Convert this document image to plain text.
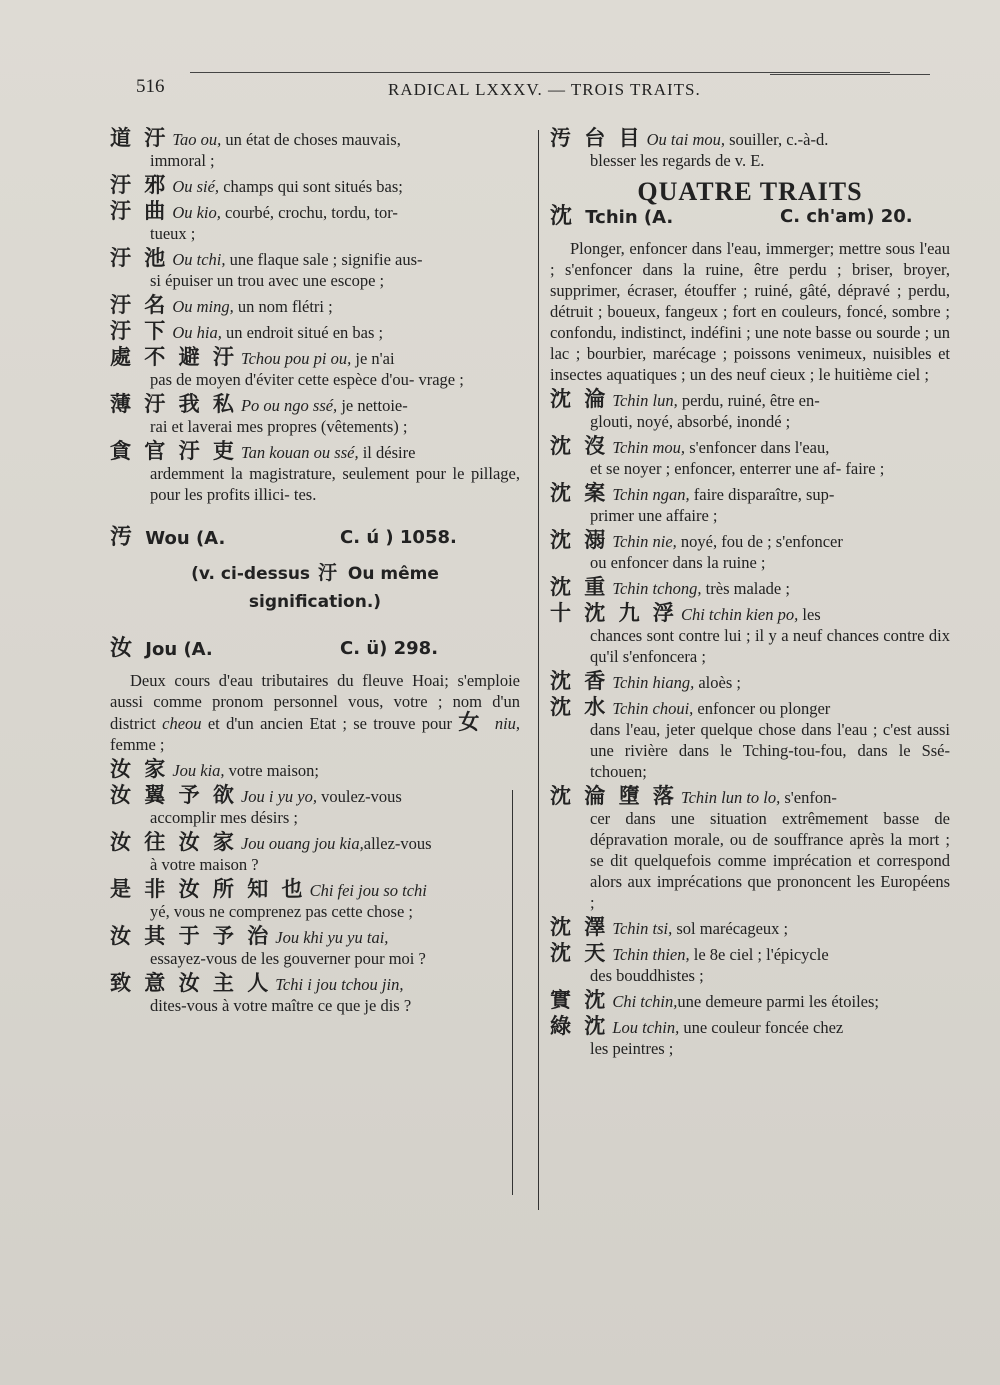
516	RADICAL LXXXV. — TROIS TRAITS.
道 汙 Tao ou, un état de choses mauvais,
immoral ;
汙 邪 Ou sié, champs qui sont situés bas;
汙 曲 Ou kio, courbé, crochu, tordu, tor-
tueux ;
汙 池 Ou tchi, une flaque sale ; signifie aus-
si épuiser un trou avec une escope ;
汙 名 Ou ming, un nom flétri ;
汙 下 Ou hia, un endroit situé en bas ;
處 不 避 汙 Tchou pou pi ou, je n'ai
pas de moyen d'éviter cette espèce d'ou- vrage ;
薄 汙 我 私 Po ou ngo ssé, je nettoie-
rai et laverai mes propres (vêtements) ;
貪 官 汙 吏 Tan kouan ou ssé, il désire
ardemment la magistrature, seulement pour le pillage, pour les profits illici- tes.
汚 Wou (A.	C. ú ) 1058.
(v. ci-dessus 汙 Ou même
signification.)
汝 Jou (A.	C. ü) 298.
Deux cours d'eau tributaires du fleuve Hoai; s'emploie aussi comme pronom personnel vous, votre ; nom d'un district cheou et d'un ancien Etat ; se trouve pour 女 niu, femme ;
汝 家 Jou kia, votre maison;
汝 翼 予 欲 Jou i yu yo, voulez-vous
accomplir mes désirs ;
汝 往 汝 家 Jou ouang jou kia,allez-vous
à votre maison ?
是 非 汝 所 知 也 Chi fei jou so tchi
yé, vous ne comprenez pas cette chose ;
汝 其 于 予 治 Jou khi yu yu tai,
essayez-vous de les gouverner pour moi ?
致 意 汝 主 人 Tchi i jou tchou jin,
dites-vous à votre maître ce que je dis ?
汚 台 目 Ou tai mou, souiller, c.-à-d.
blesser les regards de v. E.
QUATRE TRAITS
沈 Tchin (A.	C. ch'am) 20.
Plonger, enfoncer dans l'eau, immerger; mettre sous l'eau ; s'enfoncer dans la ruine, être perdu ; briser, broyer, supprimer, écraser, étouffer ; ruiné, gâté, dépravé ; perdu, détruit ; boueux, fangeux ; fort en couleurs, foncé, sombre ; confondu, indistinct, indéfini ; une note basse ou sourde ; un lac ; bourbier, marécage ; poissons venimeux, nuisibles et insectes aquatiques ; un des neuf cieux ; le huitième ciel ;
沈 淪 Tchin lun, perdu, ruiné, être en-
glouti, noyé, absorbé, inondé ;
沈 沒 Tchin mou, s'enfoncer dans l'eau,
et se noyer ; enfoncer, enterrer une af- faire ;
沈 案 Tchin ngan, faire disparaître, sup-
primer une affaire ;
沈 溺 Tchin nie, noyé, fou de ; s'enfoncer
ou enfoncer dans la ruine ;
沈 重 Tchin tchong, très malade ;
十 沈 九 浮 Chi tchin kien po, les
chances sont contre lui ; il y a neuf chances contre dix qu'il s'enfoncera ;
沈 香 Tchin hiang, aloès ;
沈 水 Tchin choui, enfoncer ou plonger
dans l'eau, jeter quelque chose dans l'eau ; c'est aussi une rivière dans le Tching-tou-fou, dans le Ssé-tchouen;
沈 淪 墮 落 Tchin lun to lo, s'enfon-
cer dans une situation extrêmement basse de dépravation morale, ou de souffrance après la mort ; se dit quelquefois comme imprécation et correspond alors aux imprécations que prononcent les Européens ;
沈 澤 Tchin tsi, sol marécageux ;
沈 天 Tchin thien, le 8e ciel ; l'épicycle
des bouddhistes ;
實 沈 Chi tchin,une demeure parmi les étoiles;
綠 沈 Lou tchin, une couleur foncée chez
les peintres ;
